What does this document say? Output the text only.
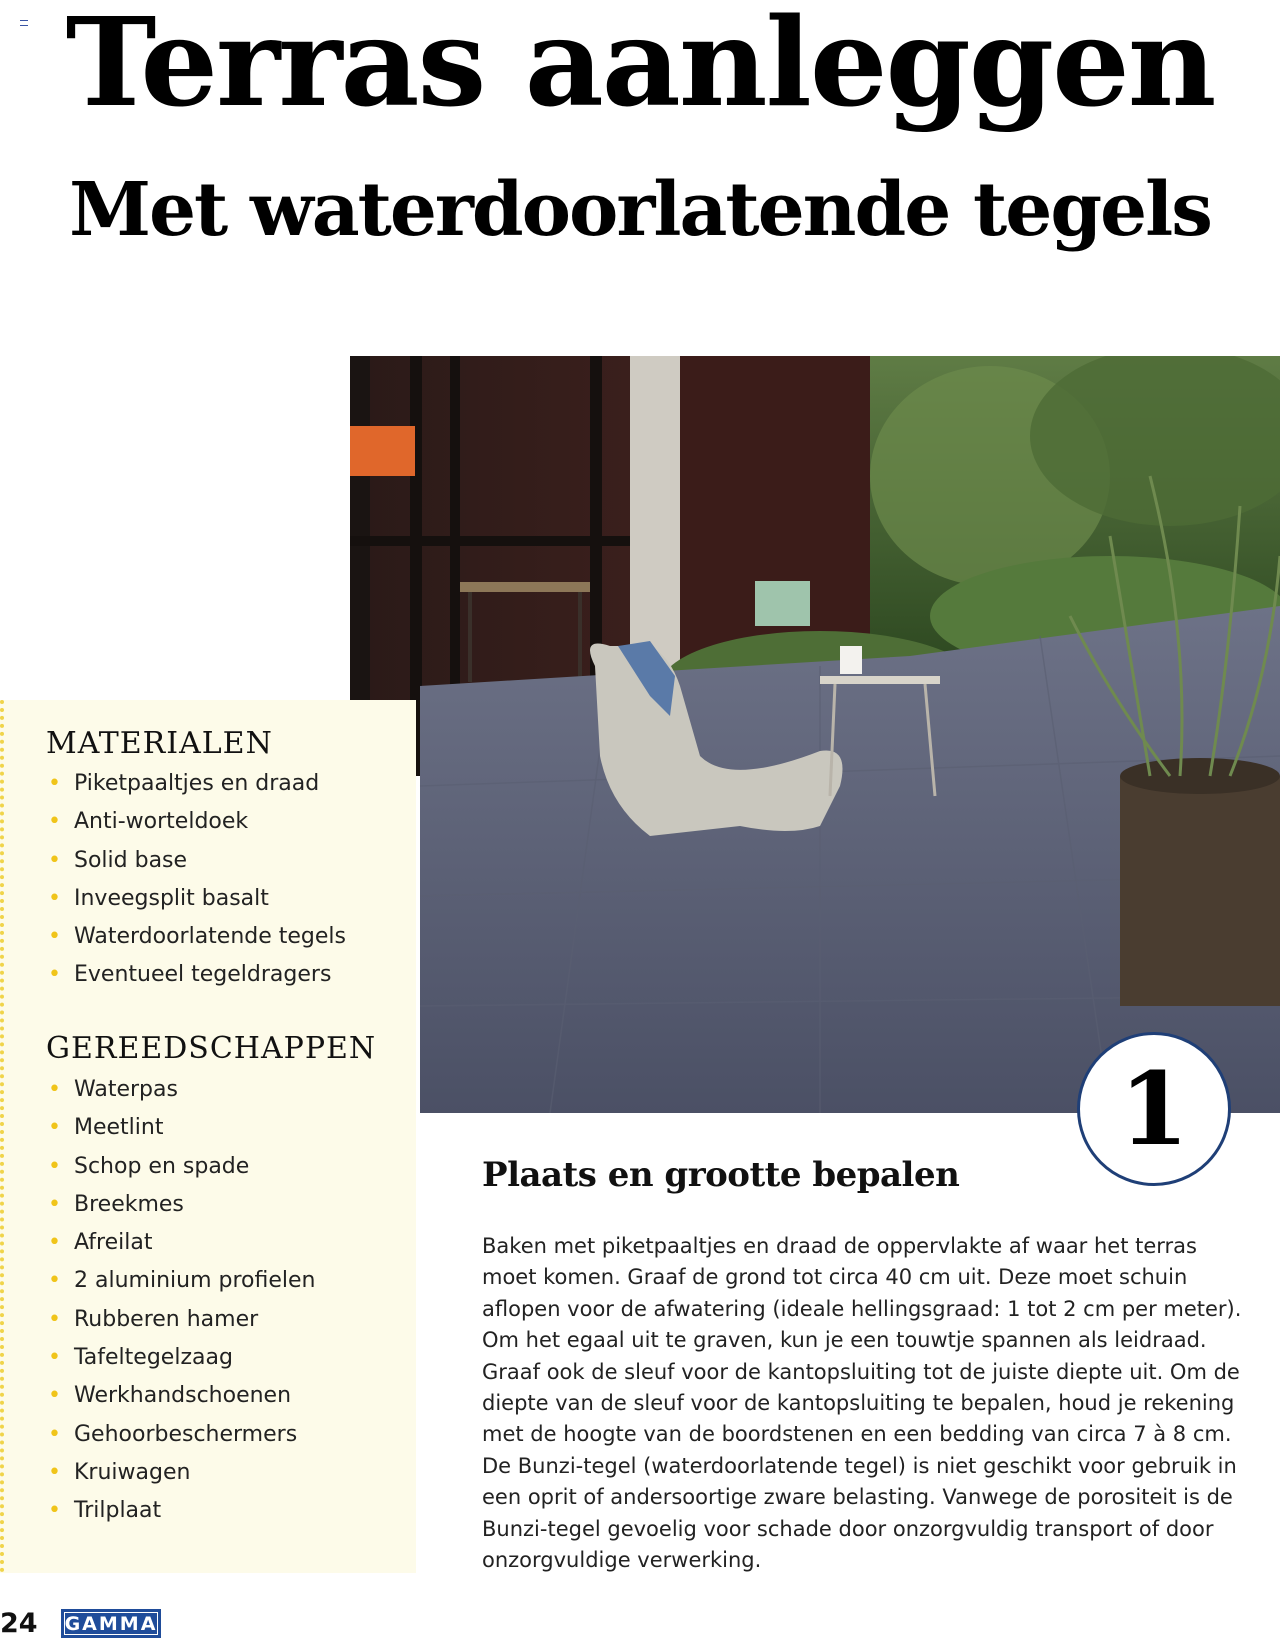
Terras aanleggen
Met waterdoorlatende tegels
MATERIALEN
• Piketpaaltjes en draad
• Anti-worteldoek
• Solid base
• Inveegsplit basalt
• Waterdoorlatende tegels
• Eventueel tegeldragers
GEREEDSCHAPPEN
• Waterpas
• Meetlint
• Schop en spade
• Breekmes
• Afreilat
• 2 aluminium profielen
• Rubberen hamer
• Tafeltegelzaag
• Werkhandschoenen
• Gehoorbeschermers
• Kruiwagen
• Trilplaat
1
Plaats en grootte bepalen

Baken met piketpaaltjes en draad de oppervlakte af waar het terras
moet komen. Graaf de grond tot circa 40 cm uit. Deze moet schuin
aflopen voor de afwatering (ideale hellingsgraad: 1 tot 2 cm per meter).
Om het egaal uit te graven, kun je een touwtje spannen als leidraad.
Graaf ook de sleuf voor de kantopsluiting tot de juiste diepte uit. Om de
diepte van de sleuf voor de kantopsluiting te bepalen, houd je rekening
met de hoogte van de boordstenen en een bedding van circa 7 à 8 cm.
De Bunzi-tegel (waterdoorlatende tegel) is niet geschikt voor gebruik in
een oprit of andersoortige zware belasting. Vanwege de porositeit is de
Bunzi-tegel gevoelig voor schade door onzorgvuldig transport of door
onzorgvuldige verwerking.

24 GAMMA
